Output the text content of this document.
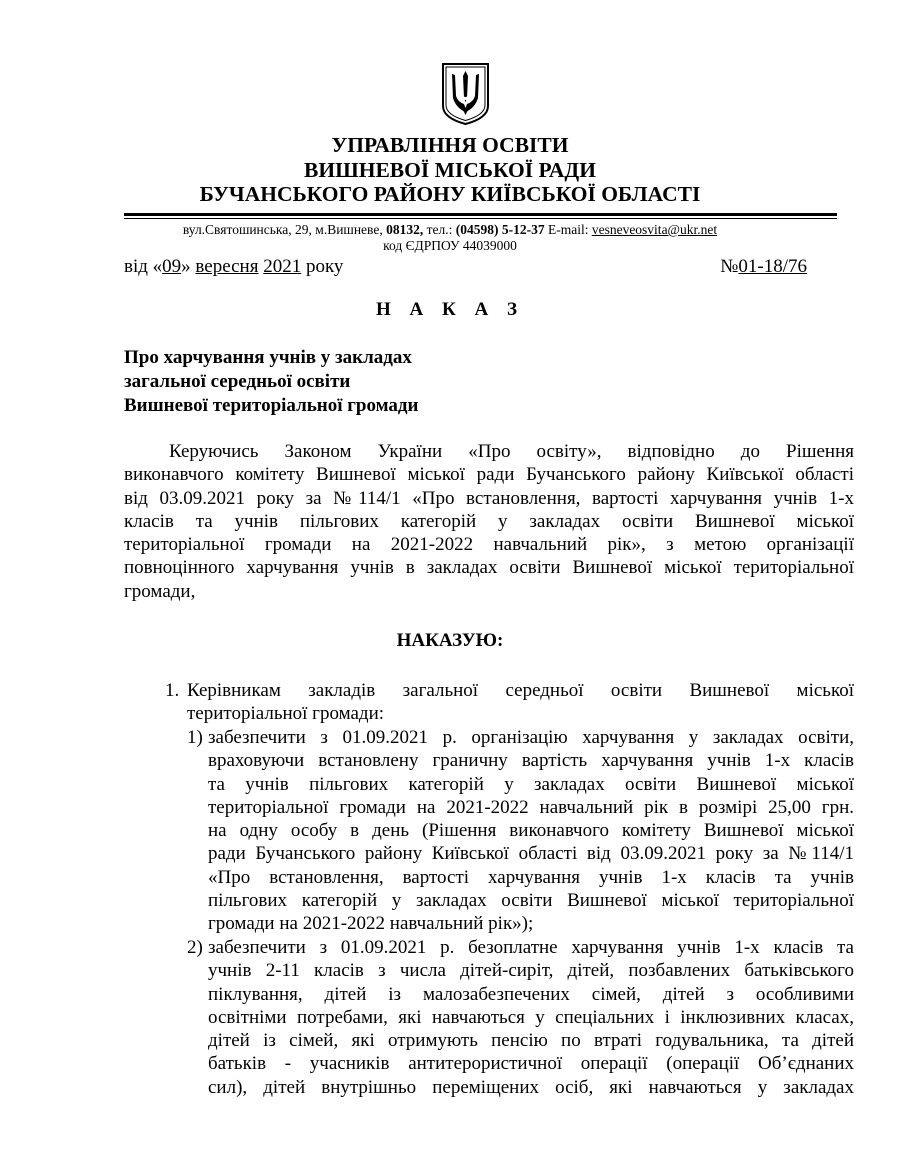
УПРАВЛІННЯ ОСВІТИ
ВИШНЕВОЇ МІСЬКОЇ РАДИ
БУЧАНСЬКОГО РАЙОНУ КИЇВСЬКОЇ ОБЛАСТІ
вул.Святошинська, 29, м.Вишневе, 08132, тел.: (04598) 5-12-37 E-mail: vesneveosvita@ukr.net
код ЄДРПОУ 44039000
від «09» вересня 2021 року	№01-18/76
Н А К А З
Про харчування учнів у закладах
загальної середньої освіти
Вишневої територіальної громади
Керуючись Законом України «Про освіту», відповідно до Рішення
виконавчого комітету Вишневої міської ради Бучанського району Київської області
від 03.09.2021 року за №114/1 «Про встановлення, вартості харчування учнів 1-х
класів та учнів пільгових категорій у закладах освіти Вишневої міської
територіальної громади на 2021-2022 навчальний рік», з метою організації
повноцінного харчування учнів в закладах освіти Вишневої міської територіальної
громади,
НАКАЗУЮ:
1. Керівникам закладів загальної середньої освіти Вишневої міської
територіальної громади:
1) забезпечити з 01.09.2021 р. організацію харчування у закладах освіти,
враховуючи встановлену граничну вартість харчування учнів 1-х класів
та учнів пільгових категорій у закладах освіти Вишневої міської
територіальної громади на 2021-2022 навчальний рік в розмірі 25,00 грн.
на одну особу в день (Рішення виконавчого комітету Вишневої міської
ради Бучанського району Київської області від 03.09.2021 року за №114/1
«Про встановлення, вартості харчування учнів 1-х класів та учнів
пільгових категорій у закладах освіти Вишневої міської територіальної
громади на 2021-2022 навчальний рік»);
2) забезпечити з 01.09.2021 р. безоплатне харчування учнів 1-х класів та
учнів 2-11 класів з числа дітей-сиріт, дітей, позбавлених батьківського
піклування, дітей із малозабезпечених сімей, дітей з особливими
освітніми потребами, які навчаються у спеціальних і інклюзивних класах,
дітей із сімей, які отримують пенсію по втраті годувальника, та дітей
батьків - учасників антитерористичної операції (операції Об’єднаних
сил), дітей внутрішньо переміщених осіб, які навчаються у закладах
